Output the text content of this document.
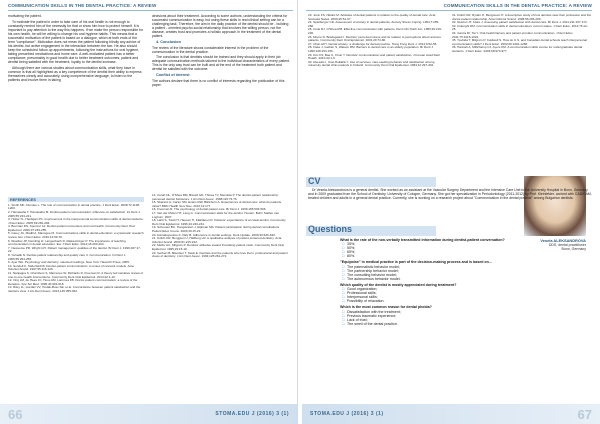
COMMUNICATION SKILLS IN THE DENTAL PRACTICE: A REVIEW

motivating the patient.

To motivate the patient in order to take care of his oral health is not enough to constantly remind him of the necessity for that or show him how to protect himself. It is important to pay attention to the way this happens. If we make the person responsible for his own health, he will be willing to change his oral hygiene habits. This means that a successful motivation of the patient is based on a dialogue, which at both ends of the term "compliance". Motivation does not mean the patient following blindly any advice of his dentist, but active engagement in the interaction between the two. He also should keep the scheduled follow-up appointments, following the instructions for oral hygiene, taking prescribed medications and home care. A well-motivated patient has a better compliance, presumably in good health due to better treatment outcomes, patient and dentist being satisfied with the treatment, loyalty to the dentist increase.

Although there are various studies about communication skills, what they have in common is that all highlighted as a key competence of the dentist their ability to express themselves clearly and accurately, using comprehensive language, to listen to the patients and involve them in taking

decisions about their treatment. According to some authors, understanding the criteria for successful communication is easy, but using these skills in real clinical setting can be a challenging task. Therefore, the aim in the daily practice of the dentist should be - building a patient - oriented psycho-social relationship that involves the willing person, not the disease, creates trust and promotes a holistic approach in the treatment of the dental patient.

4. Conclusion

The review of the literature shows considerable interest in the problem of the communication in the dental practice.

The conclusion is that dentists should be trained and they should apply in their job adequate communication methods tailored to the individual characteristics of every patient. This is the only way trust can be built and at the end of the treatment both patient and dentist be satisfied with the outcome.

Conflict of interest

The authors declare that there is no conflict of interests regarding the publication of this paper.

REFERENCES
1. Smith MK, Dundes L. The role of communication in dental practice. J Dent Educ. 2008;72:1195-1200.
2. Hamasaha T, Hamasaha M. Dentist-patient communication: influence on satisfaction. Int Dent J. 2005;55:233-241.
3. Hottel TL, Hardigan PC. Improvement in the interpersonal communication skills of dental students. J Dent Educ. 2005;69:281-284.
4. Brennan DS, Spencer AJ. Dentist-patient encounters and oral health. Community Dent Oral Epidemiol. 2009;37:249-255.
5. Carey JA, Madill A, Manogue M. Communications skills in dental education: a systematic research review. Eur J Dent Educ. 2010;14:69-78.
6. Woelber JP, Deimling D, Langenbach D, Ratka-Krüger P. The importance of teaching communication in dental education. Eur J Dent Educ. 2012;16:200-204.
7. Newsome PR, Wright GH. Patient management: qualities of the dentist. Br Dent J. 1999;187:17-22.
8. Yamalik N. Dentist-patient relationship and quality care 3. Communication. Int Dent J. 2005;55:254-256.
9. Ayer WA. Psychology and dentistry: selected readings. New York: Haworth Press; 2005.
10. Sondell K, Söderfeldt B. Dentist-patient communication: a review of relevant models. Acta Odontol Scand. 1997;55:116-126.
11. Nanjappa S, Chambers S, Marcenes W, Richards D, Freeman R. A theory led narrative review of one-to-one health interventions. Community Dent Oral Epidemiol. 2014;42:1-10.
12. Ong LM, de Haes JC, Hoos AM, Lammes FB. Doctor-patient communication: a review of the literature. Soc Sci Med. 1995;40:903-918.
13. Riley JL, Gordan VV, Hudak-Boss SE, et al. Concordance between patient satisfaction and the dentist's view. J Am Dent Assoc. 2014;145:355-362.
14. Corah NL, O'Shea RM, Bissell GD, Thines TJ, Mendola P. The dentist-patient relationship: perceived dentist behaviors. J Am Dent Assoc. 1988;116:73-76.
15. Sbaraini A, Carter SM, Evans RW, Blinkhorn A. Experiences of dental care: what do patients value? BMC Health Serv Res. 2012;12:177.
16. Freeman R. The psychology of dental patient care. Br Dent J. 1999;186:503-506.
17. Van der Molen HT, Lang G. Communication skills for the dentist. Houten: Bohn Stafleu van Loghum; 2007.
18. Lahti S, Tuutti H, Hausen H, Käärlänen R. Patients' expectations of an ideal dentist. Community Dent Oral Epidemiol. 1996;24:240-244.
19. Schouten BC, Hoogstraten J, Eijkman MA. Patient participation during dental consultations. Patient Educ Couns. 2003;49:15-22.
20. Asimakopoulou K, Daly B. Adherence in dental settings. Dent Update. 2009;36:626-630.
21. Kulich KR, Berggren U, Hallberg LR. A qualitative analysis of patient-centered dentistry. Acta Odontol Scand. 2003;61:215-222.
22. Mellor AC, Milgrom P. Dentists' attitudes toward frustrating patient visits. Community Dent Oral Epidemiol. 1995;23:15-19.
23. Gerbert B, Bleecker T, Saub E. Dentists and the patients who love them: professional and patient views of dentistry. J Am Dent Assoc. 1994;125:264-272.
66	STOMA.EDU J (2016) 3 (1)
COMMUNICATION SKILLS IN THE DENTAL PRACTICE: A REVIEW
23. Jovic FS, Nikolic M. Attitudes of dental patients in relation to the quality of dental care. Acta Stomatol Naissi. 2009;25:61-67.
24. Spielberger CD. Assessment of anxiety in dental patients. Anxiety Stress Coping. 1994;7:255-268.
25. Cook RJ, O'Shea RM. Effective communication with patients. Dent Clin North Am. 1986;30:215-226.
26. Moore R, Brødsgaard I. Dentists' perceived stress and its relation to perceptions about anxious patients. Community Dent Oral Epidemiol. 2001;29:73-80.
27. Chan AKY. Dental anxiety: a challenge for dental practice. Hong Kong Dent J. 2012;9:52-56.
28. Fiske J, Gelbier S, Watson RM. Barriers to dental care in an elderly population. Br Dent J. 1990;168:153-156.
29. Kim KS, Bae K, Chun Y. Dentists' communication and patient satisfaction. J Korean Acad Dent Health. 2010;34:1-9.
30. Alvesalo I, Uusi-Heikkilä Y. Use of services, care-seeking behavior and satisfaction among university dental clinic patients in Finland. Community Dent Oral Epidemiol. 1984;12:297-302.
31. Kulich KR, Rydén O, Bengtsson H. A descriptive study of how dentists view their profession and the doctor-patient relationship. Acta Odontol Scand. 1998;56:206-209.
32. Newton JT, Fiske J. Assessing patient satisfaction with dental care. Br Dent J. 2011;211:167-172.
33. Ardenghi DM. Communication skills in dental education: current status. J Dent Educ. 2012;76:12-25.
34. Garcia RI, Tai Y. Oral health literacy and patient-provider communication. J Dent Educ. 2011;75:1015-1022.
35. Yoshida T, Milgrom P, Coldwell S. How do U.S. and Canadian dental schools teach interpersonal communication skills? J Dent Educ. 2002;66:1281-1288.
36. Hannah A, Millichamp CJ, Ayers KM. A communication skills course for undergraduate dental students. J Dent Educ. 2004;68:970-977.
Vesela ALEKSANDROVA
DDS, dental practitioner
Bonn, Germany
CV
Dr Vesela Aleksandrova is a general dentist. She worked as an assistant at the Vascular Surgery Department and the Intensive Care Unit in the University Hospital in Bonn, Germany and in 2009 graduated from the School of Dentistry, University of Cologne, Germany. She got her specialization in Periodontology (2011-2012) by Prof. Kleinfelder, worked with CAD/CAM, treated children and adults in a general dental practice. Currently, she is working on a research project about "Communication in the dental practice" among Bulgarian dentists.
Questions
What is the rate of the non-verbally transmitted information during dentist-patient conversation?
□ 35%;
□ 50%;
□ 65%;
□ 80%.
"Equipoise" in medical practice is part of the decision-making process and is based on...
□ The paternalistic behavior model;
□ The partnership behavior model;
□ The consulting behavior model;
□ The autonomous behavior model.
Which quality of the dentist is mostly appreciated during treatment?
□ Good organization;
□ Professional skills;
□ Interpersonal skills;
□ Possibility of relaxation.
Which is the most common reason for dental phobia?
□ Dissatisfaction with the treatment;
□ Previous traumatic experience;
□ Lack of trust;
□ The smell of the dental practice.
STOMA.EDU J (2016) 3 (1)	67
